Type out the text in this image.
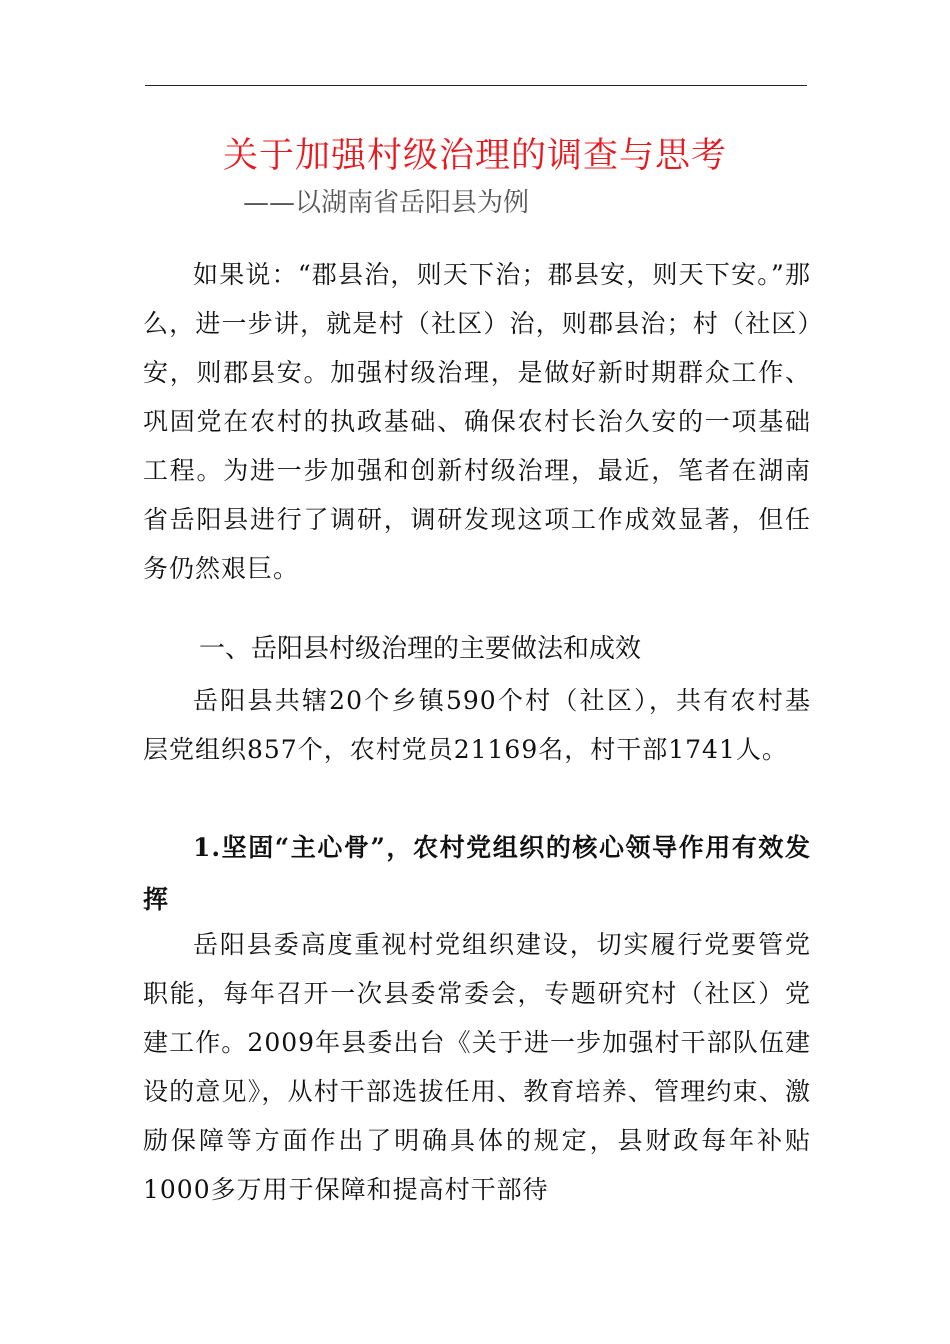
关于加强村级治理的调查与思考

——以湖南省岳阳县为例

如果说：“郡县治，则天下治；郡县安，则天下安。”那么，进一步讲，就是村（社区）治，则郡县治；村（社区）安，则郡县安。加强村级治理，是做好新时期群众工作、巩固党在农村的执政基础、确保农村长治久安的一项基础工程。为进一步加强和创新村级治理，最近，笔者在湖南省岳阳县进行了调研，调研发现这项工作成效显著，但任务仍然艰巨。

一、岳阳县村级治理的主要做法和成效

岳阳县共辖20个乡镇590个村（社区），共有农村基层党组织857个，农村党员21169名，村干部1741人。

1.坚固“主心骨”，农村党组织的核心领导作用有效发挥

岳阳县委高度重视村党组织建设，切实履行党要管党职能，每年召开一次县委常委会，专题研究村（社区）党建工作。2009年县委出台《关于进一步加强村干部队伍建设的意见》，从村干部选拔任用、教育培养、管理约束、激励保障等方面作出了明确具体的规定，县财政每年补贴1000多万用于保障和提高村干部待
